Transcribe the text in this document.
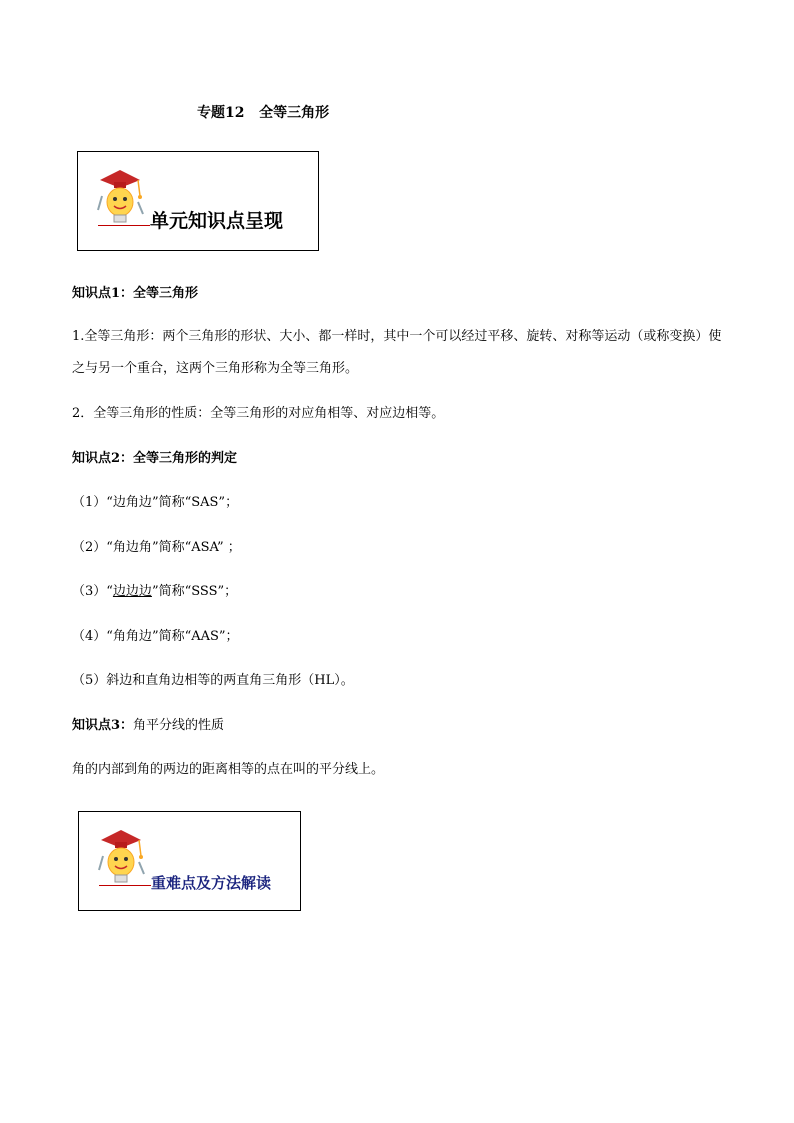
专题12   全等三角形
单元知识点呈现
知识点1：全等三角形
1.全等三角形：两个三角形的形状、大小、都一样时，其中一个可以经过平移、旋转、对称等运动（或称变换）使之与另一个重合，这两个三角形称为全等三角形。
2．全等三角形的性质：全等三角形的对应角相等、对应边相等。
知识点2：全等三角形的判定
（1）“边角边”简称“SAS”；
（2）“角边角”简称“ASA” ；
（3）“边边边”简称“SSS”；
（4）“角角边”简称“AAS”；
（5）斜边和直角边相等的两直角三角形（HL）。
知识点3：角平分线的性质
角的内部到角的两边的距离相等的点在叫的平分线上。
重难点及方法解读
